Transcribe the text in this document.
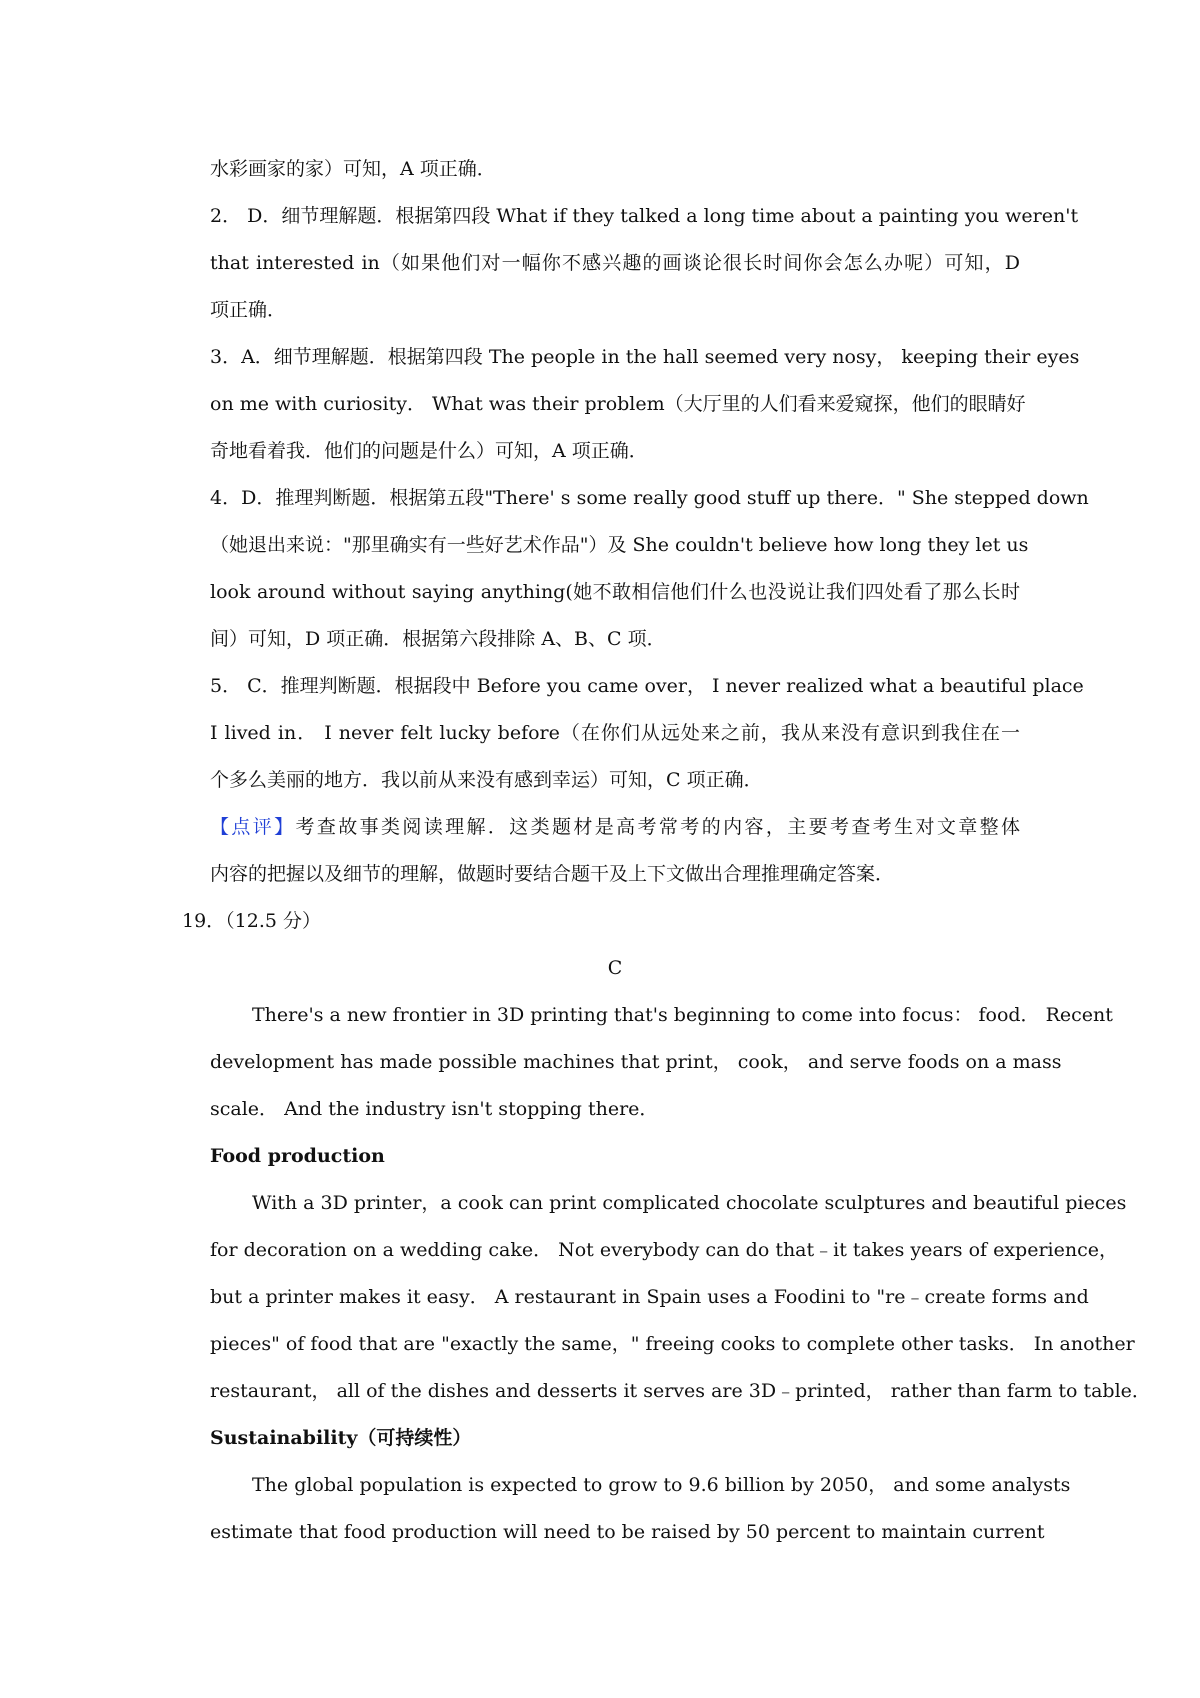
水彩画家的家）可知，A 项正确．
2． D．细节理解题．根据第四段 What if they talked a long time about a painting you weren't
that interested in（如果他们对一幅你不感兴趣的画谈论很长时间你会怎么办呢）可知，D
项正确．
3．A．细节理解题．根据第四段 The people in the hall seemed very nosy， keeping their eyes
on me with curiosity． What was their problem（大厅里的人们看来爱窥探，他们的眼睛好
奇地看着我．他们的问题是什么）可知，A 项正确．
4．D．推理判断题．根据第五段"There' s some really good stuff up there．" She stepped down
（她退出来说："那里确实有一些好艺术作品"）及 She couldn't believe how long they let us
look around without saying anything(她不敢相信他们什么也没说让我们四处看了那么长时
间）可知，D 项正确．根据第六段排除 A、B、C 项．
5． C．推理判断题．根据段中 Before you came over， I never realized what a beautiful place
I lived in． I never felt lucky before（在你们从远处来之前，我从来没有意识到我住在一
个多么美丽的地方．我以前从来没有感到幸运）可知，C 项正确．
【点评】考查故事类阅读理解．这类题材是高考常考的内容，主要考查考生对文章整体
内容的把握以及细节的理解，做题时要结合题干及上下文做出合理推理确定答案．
19．（12.5 分）
C
There's a new frontier in 3D printing that's beginning to come into focus： food． Recent
development has made possible machines that print， cook， and serve foods on a mass
scale． And the industry isn't stopping there．
Food production
With a 3D printer，a cook can print complicated chocolate sculptures and beautiful pieces
for decoration on a wedding cake． Not everybody can do that﹣it takes years of experience，
but a printer makes it easy． A restaurant in Spain uses a Foodini to "re﹣create forms and
pieces" of food that are "exactly the same，" freeing cooks to complete other tasks． In another
restaurant， all of the dishes and desserts it serves are 3D﹣printed， rather than farm to table．
Sustainability（可持续性）
The global population is expected to grow to 9.6 billion by 2050， and some analysts
estimate that food production will need to be raised by 50 percent to maintain current
